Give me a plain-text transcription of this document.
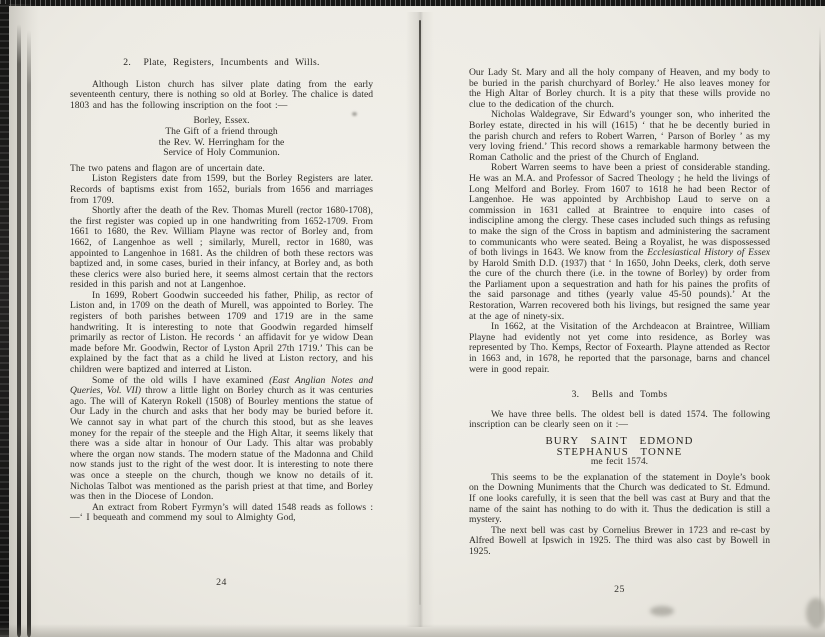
2.  Plate, Registers, Incumbents and Wills.

Although Liston church has silver plate dating from the early seventeenth century, there is nothing so old at Borley. The chalice is dated 1803 and has the following inscription on the foot :—

Borley, Essex.
The Gift of a friend through
the Rev. W. Herringham for the
Service of Holy Communion.

The two patens and flagon are of uncertain date.

Liston Registers date from 1599, but the Borley Registers are later. Records of baptisms exist from 1652, burials from 1656 and marriages from 1709.

Shortly after the death of the Rev. Thomas Murell (rector 1680-1708), the first register was copied up in one handwriting from 1652-1709. From 1661 to 1680, the Rev. William Playne was rector of Borley and, from 1662, of Langenhoe as well ; similarly, Murell, rector in 1680, was appointed to Langenhoe in 1681. As the children of both these rectors was baptized and, in some cases, buried in their infancy, at Borley and, as both these clerics were also buried here, it seems almost certain that the rectors resided in this parish and not at Langenhoe.

In 1699, Robert Goodwin succeeded his father, Philip, as rector of Liston and, in 1709 on the death of Murell, was appointed to Borley. The registers of both parishes between 1709 and 1719 are in the same handwriting. It is interesting to note that Goodwin regarded himself primarily as rector of Liston. He records ‘ an affidavit for ye widow Dean made before Mr. Goodwin, Rector of Lyston April 27th 1719.’ This can be explained by the fact that as a child he lived at Liston rectory, and his children were baptized and interred at Liston.

Some of the old wills I have examined (East Anglian Notes and Queries, Vol. VII) throw a little light on Borley church as it was centuries ago. The will of Kateryn Rokell (1508) of Bourley mentions the statue of Our Lady in the church and asks that her body may be buried before it. We cannot say in what part of the church this stood, but as she leaves money for the repair of the steeple and the High Altar, it seems likely that there was a side altar in honour of Our Lady. This altar was probably where the organ now stands. The modern statue of the Madonna and Child now stands just to the right of the west door. It is interesting to note there was once a steeple on the church, though we know no details of it. Nicholas Talbot was mentioned as the parish priest at that time, and Borley was then in the Diocese of London.

An extract from Robert Fyrmyn’s will dated 1548 reads as follows :—‘ I bequeath and commend my soul to Almighty God,

Our Lady St. Mary and all the holy company of Heaven, and my body to be buried in the parish churchyard of Borley.’ He also leaves money for the High Altar of Borley church. It is a pity that these wills provide no clue to the dedication of the church.

Nicholas Waldegrave, Sir Edward’s younger son, who inherited the Borley estate, directed in his will (1615) ‘ that he be decently buried in the parish church and refers to Robert Warren, ‘ Parson of Borley ’ as my very loving friend.’ This record shows a remarkable harmony between the Roman Catholic and the priest of the Church of England.

Robert Warren seems to have been a priest of considerable standing. He was an M.A. and Professor of Sacred Theology ; he held the livings of Long Melford and Borley. From 1607 to 1618 he had been Rector of Langenhoe. He was appointed by Archbishop Laud to serve on a commission in 1631 called at Braintree to enquire into cases of indiscipline among the clergy. These cases included such things as refusing to make the sign of the Cross in baptism and administering the sacrament to communicants who were seated. Being a Royalist, he was dispossessed of both livings in 1643. We know from the Ecclesiastical History of Essex by Harold Smith D.D. (1937) that ‘ In 1650, John Deeks, clerk, doth serve the cure of the church there (i.e. in the towne of Borley) by order from the Parliament upon a sequestration and hath for his paines the profits of the said parsonage and tithes (yearly value 45-50 pounds).’ At the Restoration, Warren recovered both his livings, but resigned the same year at the age of ninety-six.

In 1662, at the Visitation of the Archdeacon at Braintree, William Playne had evidently not yet come into residence, as Borley was represented by Tho. Kemps, Rector of Foxearth. Playne attended as Rector in 1663 and, in 1678, he reported that the parsonage, barns and chancel were in good repair.

3.  Bells and Tombs

We have three bells. The oldest bell is dated 1574. The following inscription can be clearly seen on it :—

BURY SAINT EDMOND
STEPHANUS TONNE
me fecit 1574.

This seems to be the explanation of the statement in Doyle’s book on the Downing Muniments that the Church was dedicated to St. Edmund. If one looks carefully, it is seen that the bell was cast at Bury and that the name of the saint has nothing to do with it. Thus the dedication is still a mystery.

The next bell was cast by Cornelius Brewer in 1723 and re-cast by Alfred Bowell at Ipswich in 1925. The third was also cast by Bowell in 1925.

24
25
